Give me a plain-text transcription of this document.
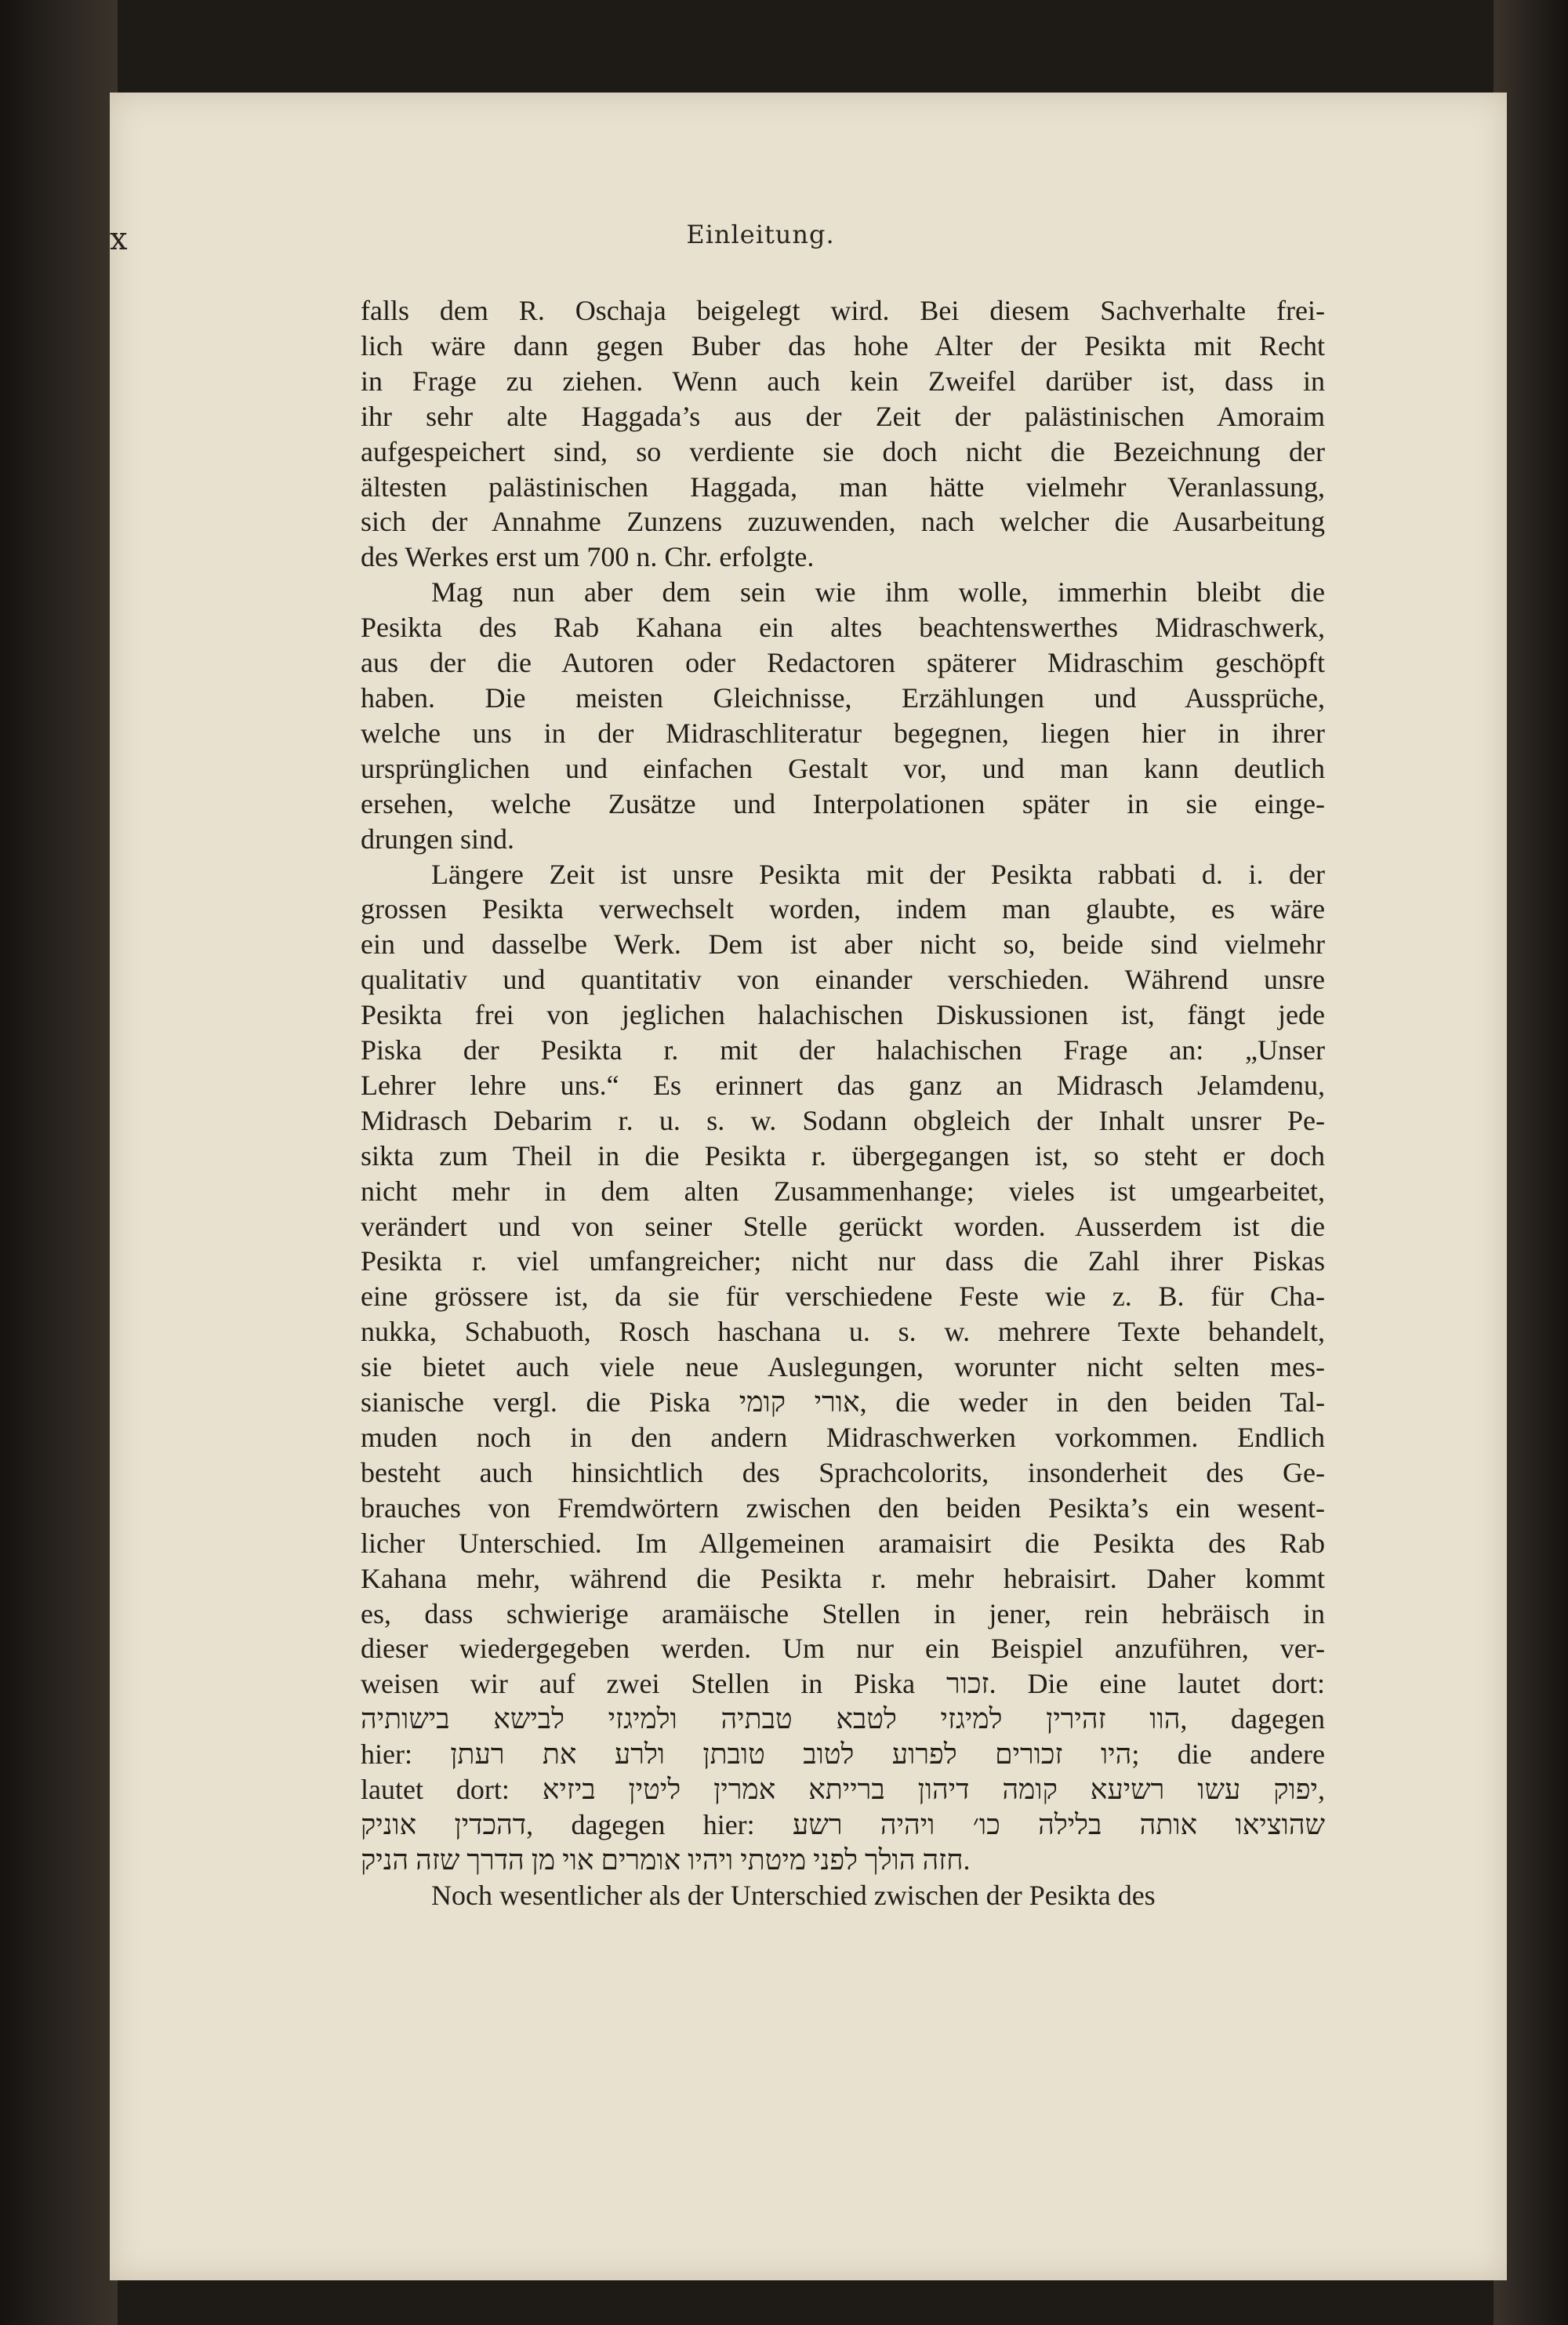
x	Einleitung.
falls dem R. Oschaja beigelegt wird. Bei diesem Sachverhalte frei-
lich wäre dann gegen Buber das hohe Alter der Pesikta mit Recht
in Frage zu ziehen. Wenn auch kein Zweifel darüber ist, dass in
ihr sehr alte Haggada’s aus der Zeit der palästinischen Amoraim
aufgespeichert sind, so verdiente sie doch nicht die Bezeichnung der
ältesten palästinischen Haggada, man hätte vielmehr Veranlassung,
sich der Annahme Zunzens zuzuwenden, nach welcher die Ausarbeitung
des Werkes erst um 700 n. Chr. erfolgte.
Mag nun aber dem sein wie ihm wolle, immerhin bleibt die
Pesikta des Rab Kahana ein altes beachtenswerthes Midraschwerk,
aus der die Autoren oder Redactoren späterer Midraschim geschöpft
haben. Die meisten Gleichnisse, Erzählungen und Aussprüche,
welche uns in der Midraschliteratur begegnen, liegen hier in ihrer
ursprünglichen und einfachen Gestalt vor, und man kann deutlich
ersehen, welche Zusätze und Interpolationen später in sie einge-
drungen sind.
Längere Zeit ist unsre Pesikta mit der Pesikta rabbati d. i. der
grossen Pesikta verwechselt worden, indem man glaubte, es wäre
ein und dasselbe Werk. Dem ist aber nicht so, beide sind vielmehr
qualitativ und quantitativ von einander verschieden. Während unsre
Pesikta frei von jeglichen halachischen Diskussionen ist, fängt jede
Piska der Pesikta r. mit der halachischen Frage an: „Unser
Lehrer lehre uns.“ Es erinnert das ganz an Midrasch Jelamdenu,
Midrasch Debarim r. u. s. w. Sodann obgleich der Inhalt unsrer Pe-
sikta zum Theil in die Pesikta r. übergegangen ist, so steht er doch
nicht mehr in dem alten Zusammenhange; vieles ist umgearbeitet,
verändert und von seiner Stelle gerückt worden. Ausserdem ist die
Pesikta r. viel umfangreicher; nicht nur dass die Zahl ihrer Piskas
eine grössere ist, da sie für verschiedene Feste wie z. B. für Cha-
nukka, Schabuoth, Rosch haschana u. s. w. mehrere Texte behandelt,
sie bietet auch viele neue Auslegungen, worunter nicht selten mes-
sianische vergl. die Piska ‎אורי קומי‎, die weder in den beiden Tal-
muden noch in den andern Midraschwerken vorkommen. Endlich
besteht auch hinsichtlich des Sprachcolorits, insonderheit des Ge-
brauches von Fremdwörtern zwischen den beiden Pesikta’s ein wesent-
licher Unterschied. Im Allgemeinen aramaisirt die Pesikta des Rab
Kahana mehr, während die Pesikta r. mehr hebraisirt. Daher kommt
es, dass schwierige aramäische Stellen in jener, rein hebräisch in
dieser wiedergegeben werden. Um nur ein Beispiel anzuführen, ver-
weisen wir auf zwei Stellen in Piska ‎זכור‎. Die eine lautet dort:
‎הוו זהירין למיגזי לטבא טבתיה ולמיגזי לבישא בישותיה‎, dagegen
hier: ‎היו זכורים לפרוע לטוב טובתן ולרע את רעתן‎; die andere
lautet dort: ‎יפוק עשו רשיעא קומה דיהון ברייתא אמרין ליטין ביזיא‎,
‎דהכדין אוניק‎, dagegen hier: ‎שהוציאו אותה בלילה כו׳ ויהיה רשע‎
‎חזה הולך לפני מיטתי ויהיו אומרים אוי מן הדרך שזה הניק‎.
Noch wesentlicher als der Unterschied zwischen der Pesikta des
